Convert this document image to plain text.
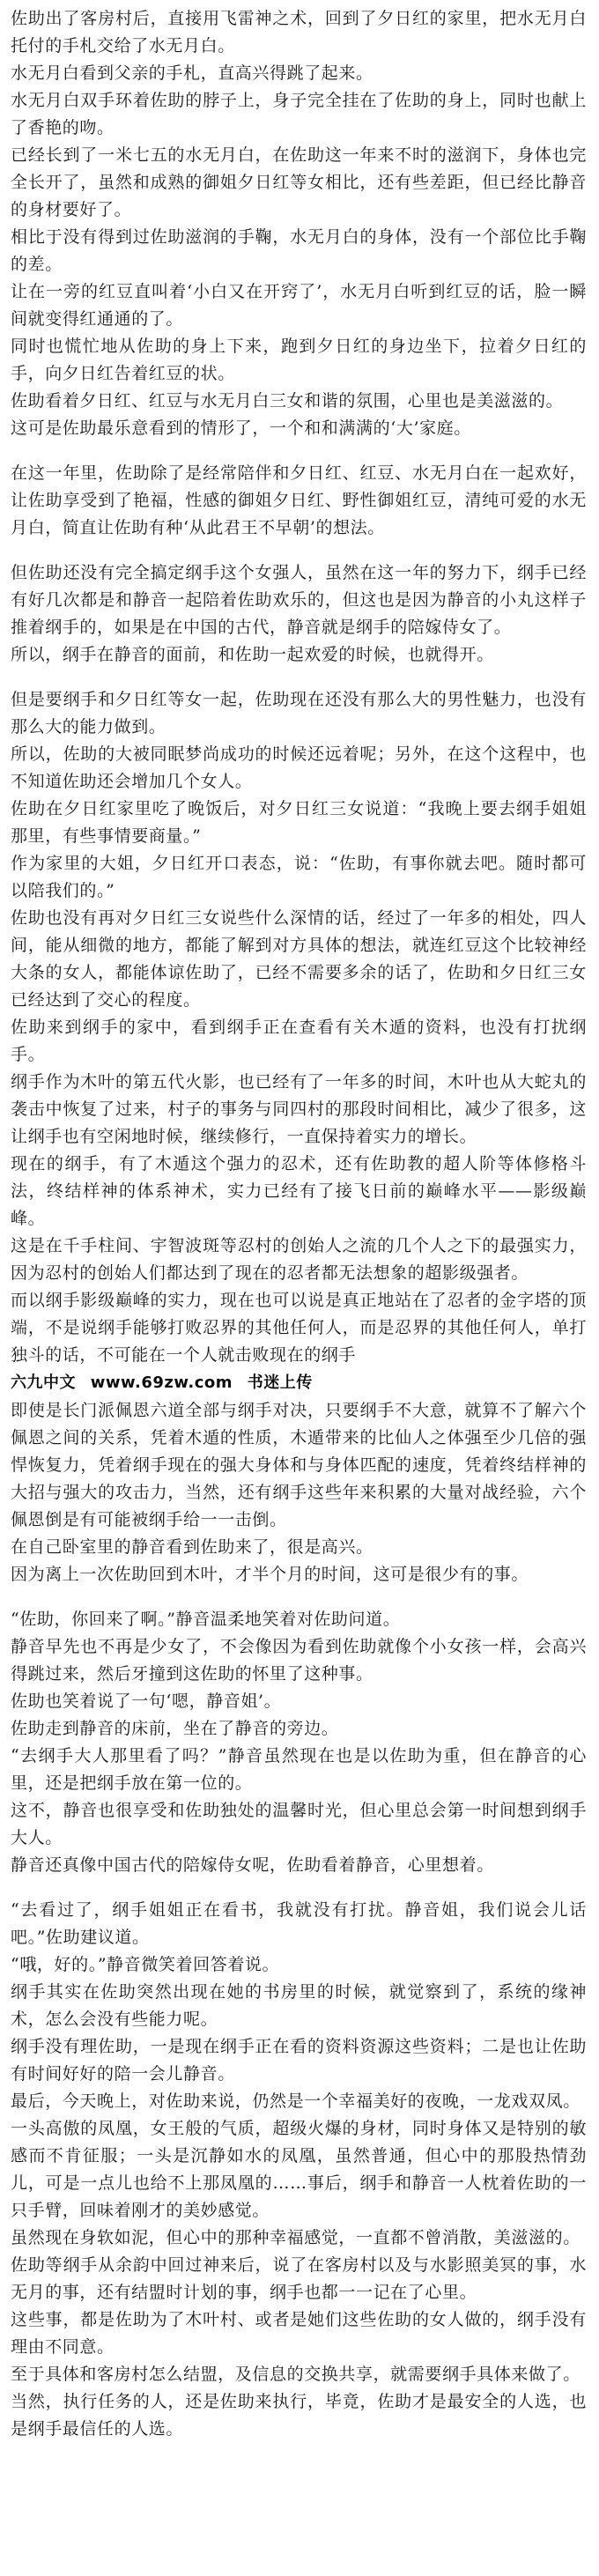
佐助出了客房村后，直接用飞雷神之术，回到了夕日红的家里，把水无月白托付的手札交给了水无月白。

水无月白看到父亲的手札，直高兴得跳了起来。

水无月白双手环着佐助的脖子上，身子完全挂在了佐助的身上，同时也献上了香艳的吻。

已经长到了一米七五的水无月白，在佐助这一年来不时的滋润下，身体也完全长开了，虽然和成熟的御姐夕日红等女相比，还有些差距，但已经比静音的身材要好了。

相比于没有得到过佐助滋润的手鞠，水无月白的身体，没有一个部位比手鞠的差。

让在一旁的红豆直叫着‘小白又在开窍了’，水无月白听到红豆的话，脸一瞬间就变得红通通的了。

同时也慌忙地从佐助的身上下来，跑到夕日红的身边坐下，拉着夕日红的手，向夕日红告着红豆的状。

佐助看着夕日红、红豆与水无月白三女和谐的氛围，心里也是美滋滋的。

这可是佐助最乐意看到的情形了，一个和和满满的‘大’家庭。

在这一年里，佐助除了是经常陪伴和夕日红、红豆、水无月白在一起欢好，让佐助享受到了艳福，性感的御姐夕日红、野性御姐红豆，清纯可爱的水无月白，简直让佐助有种‘从此君王不早朝’的想法。

但佐助还没有完全搞定纲手这个女强人，虽然在这一年的努力下，纲手已经有好几次都是和静音一起陪着佐助欢乐的，但这也是因为静音的小丸这样子推着纲手的，如果是在中国的古代，静音就是纲手的陪嫁侍女了。

所以，纲手在静音的面前，和佐助一起欢爱的时候，也就得开。

但是要纲手和夕日红等女一起，佐助现在还没有那么大的男性魅力，也没有那么大的能力做到。

所以，佐助的大被同眠梦尚成功的时候还远着呢；另外，在这个这程中，也不知道佐助还会增加几个女人。

佐助在夕日红家里吃了晚饭后，对夕日红三女说道：“我晚上要去纲手姐姐那里，有些事情要商量。”

作为家里的大姐，夕日红开口表态，说：“佐助，有事你就去吧。随时都可以陪我们的。”

佐助也没有再对夕日红三女说些什么深情的话，经过了一年多的相处，四人间，能从细微的地方，都能了解到对方具体的想法，就连红豆这个比较神经大条的女人，都能体谅佐助了，已经不需要多余的话了，佐助和夕日红三女已经达到了交心的程度。

佐助来到纲手的家中，看到纲手正在查看有关木遁的资料，也没有打扰纲手。

纲手作为木叶的第五代火影，也已经有了一年多的时间，木叶也从大蛇丸的袭击中恢复了过来，村子的事务与同四村的那段时间相比，减少了很多，这让纲手也有空闲地时候，继续修行，一直保持着实力的增长。

现在的纲手，有了木遁这个强力的忍术，还有佐助教的超人阶等体修格斗法，终结样神的体系神术，实力已经有了接飞日前的巅峰水平——影级巅峰。

这是在千手柱间、宇智波斑等忍村的创始人之流的几个人之下的最强实力，因为忍村的创始人们都达到了现在的忍者都无法想象的超影级强者。

而以纲手影级巅峰的实力，现在也可以说是真正地站在了忍者的金字塔的顶端，不是说纲手能够打败忍界的其他任何人，而是忍界的其他任何人，单打独斗的话，不可能在一个人就击败现在的纲手

六九中文 www.69zw.com 书迷上传

即使是长门派佩恩六道全部与纲手对决，只要纲手不大意，就算不了解六个佩恩之间的关系，凭着木遁的性质，木遁带来的比仙人之体强至少几倍的强悍恢复力，凭着纲手现在的强大身体和与身体匹配的速度，凭着终结样神的大招与强大的攻击力，当然，还有纲手这些年来积累的大量对战经验，六个佩恩倒是有可能被纲手给一一击倒。

在自己卧室里的静音看到佐助来了，很是高兴。

因为离上一次佐助回到木叶，才半个月的时间，这可是很少有的事。

“佐助，你回来了啊。”静音温柔地笑着对佐助问道。

静音早先也不再是少女了，不会像因为看到佐助就像个小女孩一样，会高兴得跳过来，然后牙撞到这佐助的怀里了这种事。

佐助也笑着说了一句‘嗯，静音姐’。

佐助走到静音的床前，坐在了静音的旁边。

“去纲手大人那里看了吗？”静音虽然现在也是以佐助为重，但在静音的心里，还是把纲手放在第一位的。

这不，静音也很享受和佐助独处的温馨时光，但心里总会第一时间想到纲手大人。

静音还真像中国古代的陪嫁侍女呢，佐助看着静音，心里想着。

“去看过了，纲手姐姐正在看书，我就没有打扰。静音姐，我们说会儿话吧。”佐助建议道。

“哦，好的。”静音微笑着回答着说。

纲手其实在佐助突然出现在她的书房里的时候，就觉察到了，系统的缘神术，怎么会没有些能力呢。

纲手没有理佐助，一是现在纲手正在看的资料资源这些资料；二是也让佐助有时间好好的陪一会儿静音。

最后，今天晚上，对佐助来说，仍然是一个幸福美好的夜晚，一龙戏双凤。

一头高傲的凤凰，女王般的气质，超级火爆的身材，同时身体又是特别的敏感而不肯征服；一头是沉静如水的凤凰，虽然普通，但心中的那股热情劲儿，可是一点儿也给不上那凤凰的……事后，纲手和静音一人枕着佐助的一只手臂，回味着刚才的美妙感觉。

虽然现在身软如泥，但心中的那种幸福感觉，一直都不曾消散，美滋滋的。

佐助等纲手从余韵中回过神来后，说了在客房村以及与水影照美冥的事，水无月的事，还有结盟时计划的事，纲手也都一一记在了心里。

这些事，都是佐助为了木叶村、或者是她们这些佐助的女人做的，纲手没有理由不同意。

至于具体和客房村怎么结盟，及信息的交换共享，就需要纲手具体来做了。

当然，执行任务的人，还是佐助来执行，毕竟，佐助才是最安全的人选，也是纲手最信任的人选。
